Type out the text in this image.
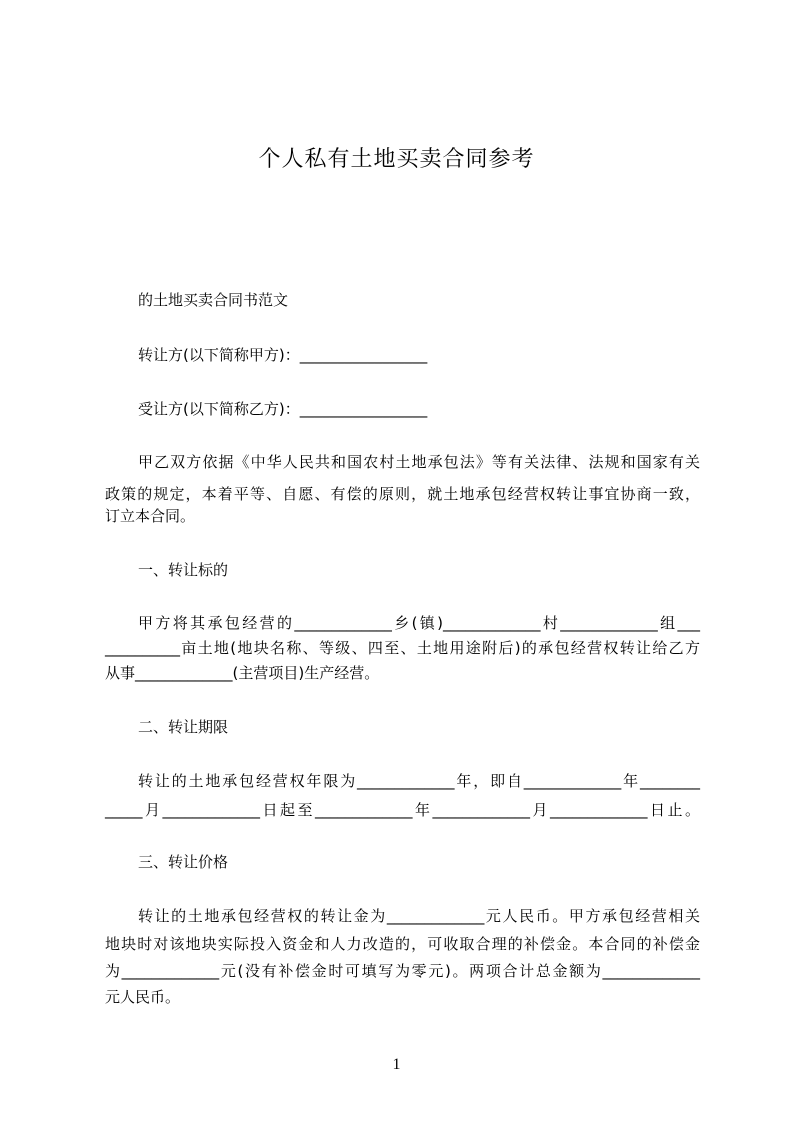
个人私有土地买卖合同参考
的土地买卖合同书范文
转让方(以下简称甲方)：_________________
受让方(以下简称乙方)：_________________
甲乙双方依据《中华人民共和国农村土地承包法》等有关法律、法规和国家有关
政策的规定，本着平等、自愿、有偿的原则，就土地承包经营权转让事宜协商一致，
订立本合同。
一、转让标的
甲方将其承包经营的_____________乡(镇)_____________村_____________组___
__________亩土地(地块名称、等级、四至、土地用途附后)的承包经营权转让给乙方
从事_____________(主营项目)生产经营。
二、转让期限
转让的土地承包经营权年限为_____________年，即自_____________年________
_____月_____________日起至_____________年_____________月_____________日止。
三、转让价格
转让的土地承包经营权的转让金为_____________元人民币。甲方承包经营相关
地块时对该地块实际投入资金和人力改造的，可收取合理的补偿金。本合同的补偿金
为_____________元(没有补偿金时可填写为零元)。两项合计总金额为_____________
元人民币。
1
